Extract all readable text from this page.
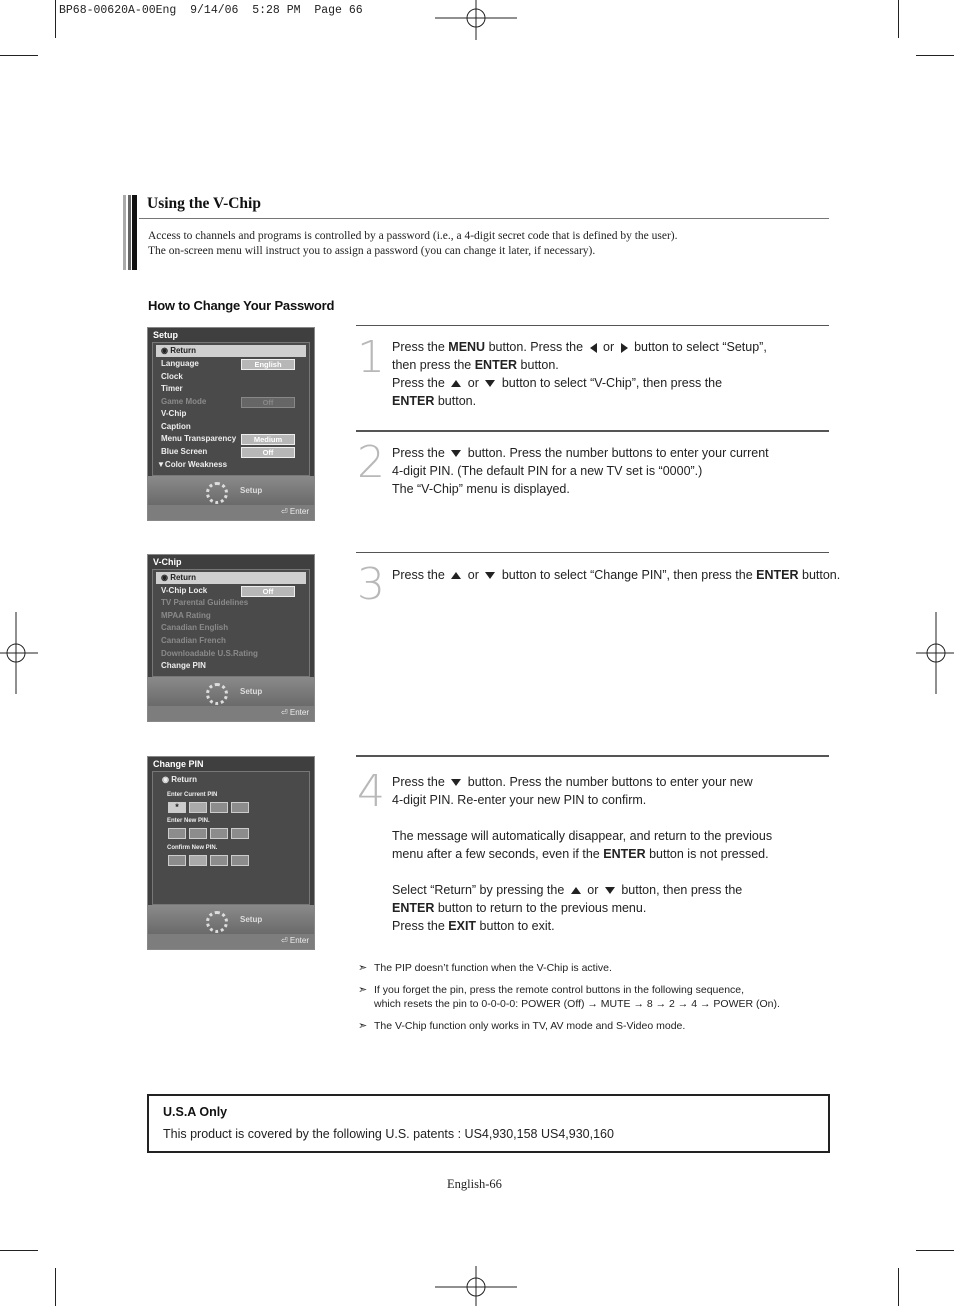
BP68-00620A-00Eng  9/14/06  5:28 PM  Page 66
Using the V-Chip
Access to channels and programs is controlled by a password (i.e., a 4-digit secret code that is defined by the user).
The on-screen menu will instruct you to assign a password (you can change it later, if necessary).
How to Change Your Password
Setup
◉ Return
Language	English
Clock
Timer
Game Mode	Off
V-Chip
Caption
Menu Transparency	Medium
Blue Screen	Off
▼Color Weakness
Setup
⏎ Enter
1 Press the MENU button. Press the  or  button to select “Setup”,
then press the ENTER button.
Press the  or  button to select “V-Chip”, then press the
ENTER button.
2 Press the  button. Press the number buttons to enter your current
4-digit PIN. (The default PIN for a new TV set is “0000”.)
The “V-Chip” menu is displayed.
V-Chip
◉ Return
V-Chip Lock	Off
TV Parental Guidelines
MPAA Rating
Canadian English
Canadian French
Downloadable U.S.Rating
Change PIN
Setup
⏎ Enter
3 Press the  or  button to select “Change PIN”, then press the ENTER button.
Change PIN
◉ Return
Enter Current PIN
*
Enter New PIN.
Confirm New PIN.
Setup
⏎ Enter
4 Press the  button. Press the number buttons to enter your new
4-digit PIN. Re-enter your new PIN to confirm.
The message will automatically disappear, and return to the previous
menu after a few seconds, even if the ENTER button is not pressed.
Select “Return” by pressing the  or  button, then press the
ENTER button to return to the previous menu.
Press the EXIT button to exit.
➣ The PIP doesn’t function when the V-Chip is active.
➣ If you forget the pin, press the remote control buttons in the following sequence,
which resets the pin to 0-0-0-0: POWER (Off) → MUTE → 8 → 2 → 4 → POWER (On).
➣ The V-Chip function only works in TV, AV mode and S-Video mode.
U.S.A Only
This product is covered by the following U.S. patents : US4,930,158 US4,930,160
English-66
